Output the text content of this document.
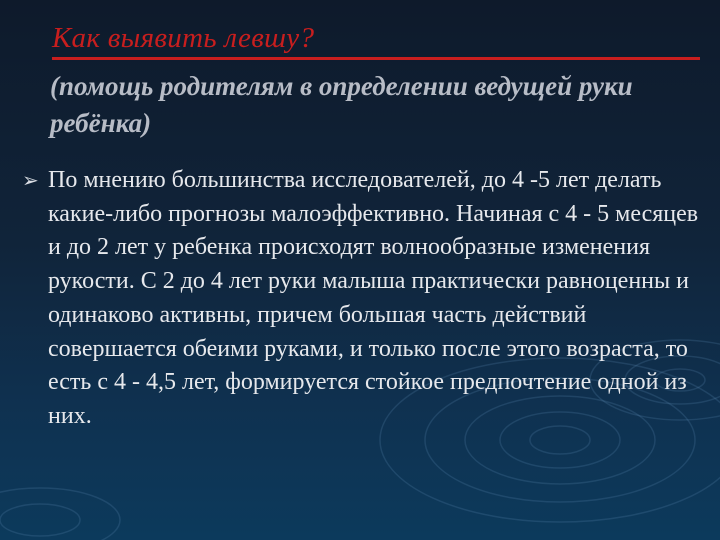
Как выявить левшу?
(помощь родителям в определении ведущей руки ребёнка)
➢ По мнению большинства исследователей, до 4 -5 лет делать какие-либо прогнозы малоэффективно. Начиная с 4 - 5 месяцев и до 2 лет у ребенка происходят волнообразные изменения рукости. С 2 до 4 лет руки малыша практически равноценны и одинаково активны, причем большая часть действий совершается обеими руками, и только после этого возраста, то есть с 4 - 4,5 лет, формируется стойкое предпочтение одной из них.
